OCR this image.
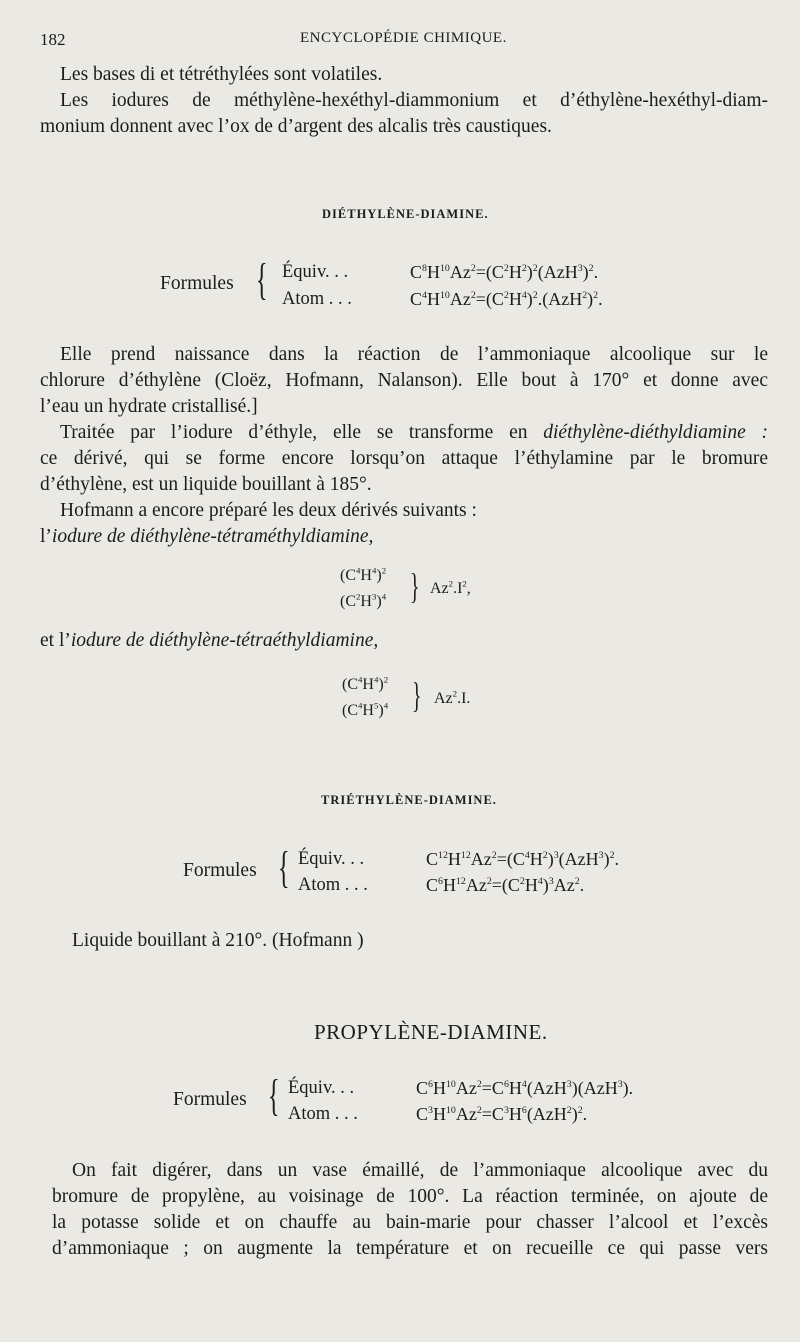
182	ENCYCLOPÉDIE CHIMIQUE.
Les bases di et tétréthylées sont volatiles.
Les iodures de méthylène-hexéthyl-diammonium et d’éthylène-hexéthyl-diam-
monium donnent avec l’ox de d’argent des alcalis très caustiques.
DIÉTHYLÈNE-DIAMINE.
Formules { Équiv. . .
Atom . . .
$C^8H^{10}Az^2=(C^2H^2)^2(AzH^3)^2$.
$C^4H^{10}Az^2=(C^2H^4)^2.(AzH^2)^2$.
Elle prend naissance dans la réaction de l’ammoniaque alcoolique sur le
chlorure d’éthylène (Cloëz, Hofmann, Nalanson). Elle bout à 170° et donne avec
l’eau un hydrate cristallisé.]
Traitée par l’iodure d’éthyle, elle se transforme en diéthylène-diéthyldiamine :
ce dérivé, qui se forme encore lorsqu’on attaque l’éthylamine par le bromure
d’éthylène, est un liquide bouillant à 185°.
Hofmann a encore préparé les deux dérivés suivants :
l’iodure de diéthylène-tétraméthyldiamine,
$(C^4H^4)^2$
$(C^2H^3)^4$ } $Az^2.I^2$,
et l’iodure de diéthylène-tétraéthyldiamine,
$(C^4H^4)^2$
$(C^4H^5)^4$ } Az$^2$.I.
TRIÉTHYLÈNE-DIAMINE.
Formules { Équiv. . .
Atom . . .
$C^{12}H^{12}Az^2=(C^4H^2)^3(AzH^3)^2$.
$C^6H^{12}Az^2=(C^2H^4)^3Az^2$.
Liquide bouillant à 210°. (Hofmann )
PROPYLÈNE-DIAMINE.
Formules { Équiv. . .
Atom . . .
$C^6H^{10}Az^2=C^6H^4(AzH^3)(AzH^3)$.
$C^3H^{10}Az^2=C^3H^6(AzH^2)^2$.
On fait digérer, dans un vase émaillé, de l’ammoniaque alcoolique avec du
bromure de propylène, au voisinage de 100°. La réaction terminée, on ajoute de
la potasse solide et on chauffe au bain-marie pour chasser l’alcool et l’excès
d’ammoniaque ; on augmente la température et on recueille ce qui passe vers
